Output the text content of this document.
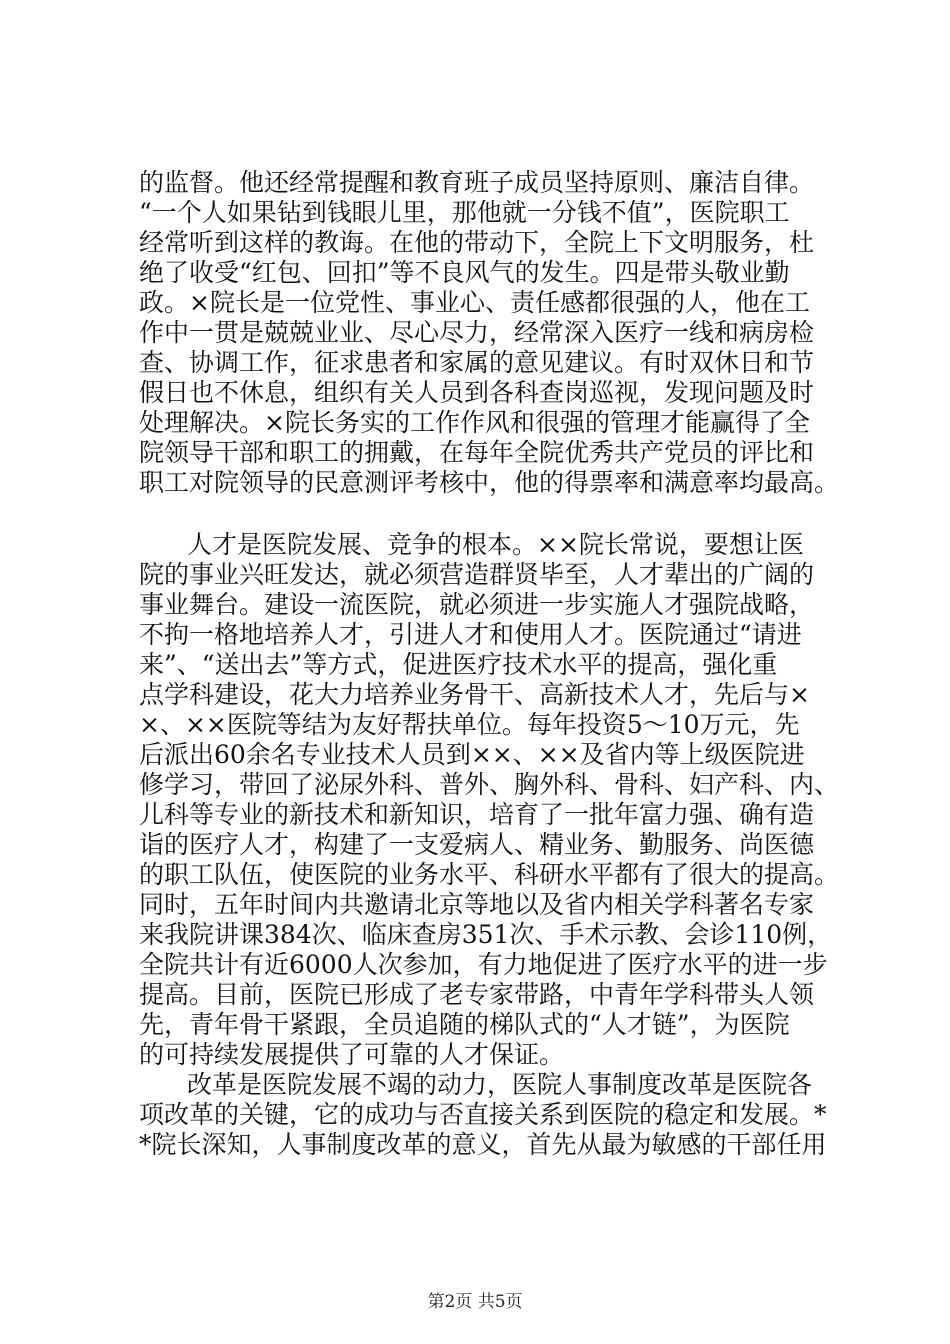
的监督。他还经常提醒和教育班子成员坚持原则、廉洁自律。
“一个人如果钻到钱眼儿里，那他就一分钱不值”，医院职工
经常听到这样的教诲。在他的带动下，全院上下文明服务，杜
绝了收受“红包、回扣”等不良风气的发生。四是带头敬业勤
政。×院长是一位党性、事业心、责任感都很强的人，他在工
作中一贯是兢兢业业、尽心尽力，经常深入医疗一线和病房检
查、协调工作，征求患者和家属的意见建议。有时双休日和节
假日也不休息，组织有关人员到各科查岗巡视，发现问题及时
处理解决。×院长务实的工作作风和很强的管理才能赢得了全
院领导干部和职工的拥戴，在每年全院优秀共产党员的评比和
职工对院领导的民意测评考核中，他的得票率和满意率均最高。
人才是医院发展、竞争的根本。××院长常说，要想让医
院的事业兴旺发达，就必须营造群贤毕至，人才辈出的广阔的
事业舞台。建设一流医院，就必须进一步实施人才强院战略，
不拘一格地培养人才，引进人才和使用人才。医院通过“请进
来”、“送出去”等方式，促进医疗技术水平的提高，强化重
点学科建设，花大力培养业务骨干、高新技术人才，先后与×
×、××医院等结为友好帮扶单位。每年投资5～10万元，先
后派出60余名专业技术人员到××、××及省内等上级医院进
修学习，带回了泌尿外科、普外、胸外科、骨科、妇产科、内、
儿科等专业的新技术和新知识，培育了一批年富力强、确有造
诣的医疗人才，构建了一支爱病人、精业务、勤服务、尚医德
的职工队伍，使医院的业务水平、科研水平都有了很大的提高。
同时，五年时间内共邀请北京等地以及省内相关学科著名专家
来我院讲课384次、临床查房351次、手术示教、会诊110例，
全院共计有近6000人次参加，有力地促进了医疗水平的进一步
提高。目前，医院已形成了老专家带路，中青年学科带头人领
先，青年骨干紧跟，全员追随的梯队式的“人才链”，为医院
的可持续发展提供了可靠的人才保证。
改革是医院发展不竭的动力，医院人事制度改革是医院各
项改革的关键，它的成功与否直接关系到医院的稳定和发展。*
*院长深知，人事制度改革的意义，首先从最为敏感的干部任用
第2页 共5页
